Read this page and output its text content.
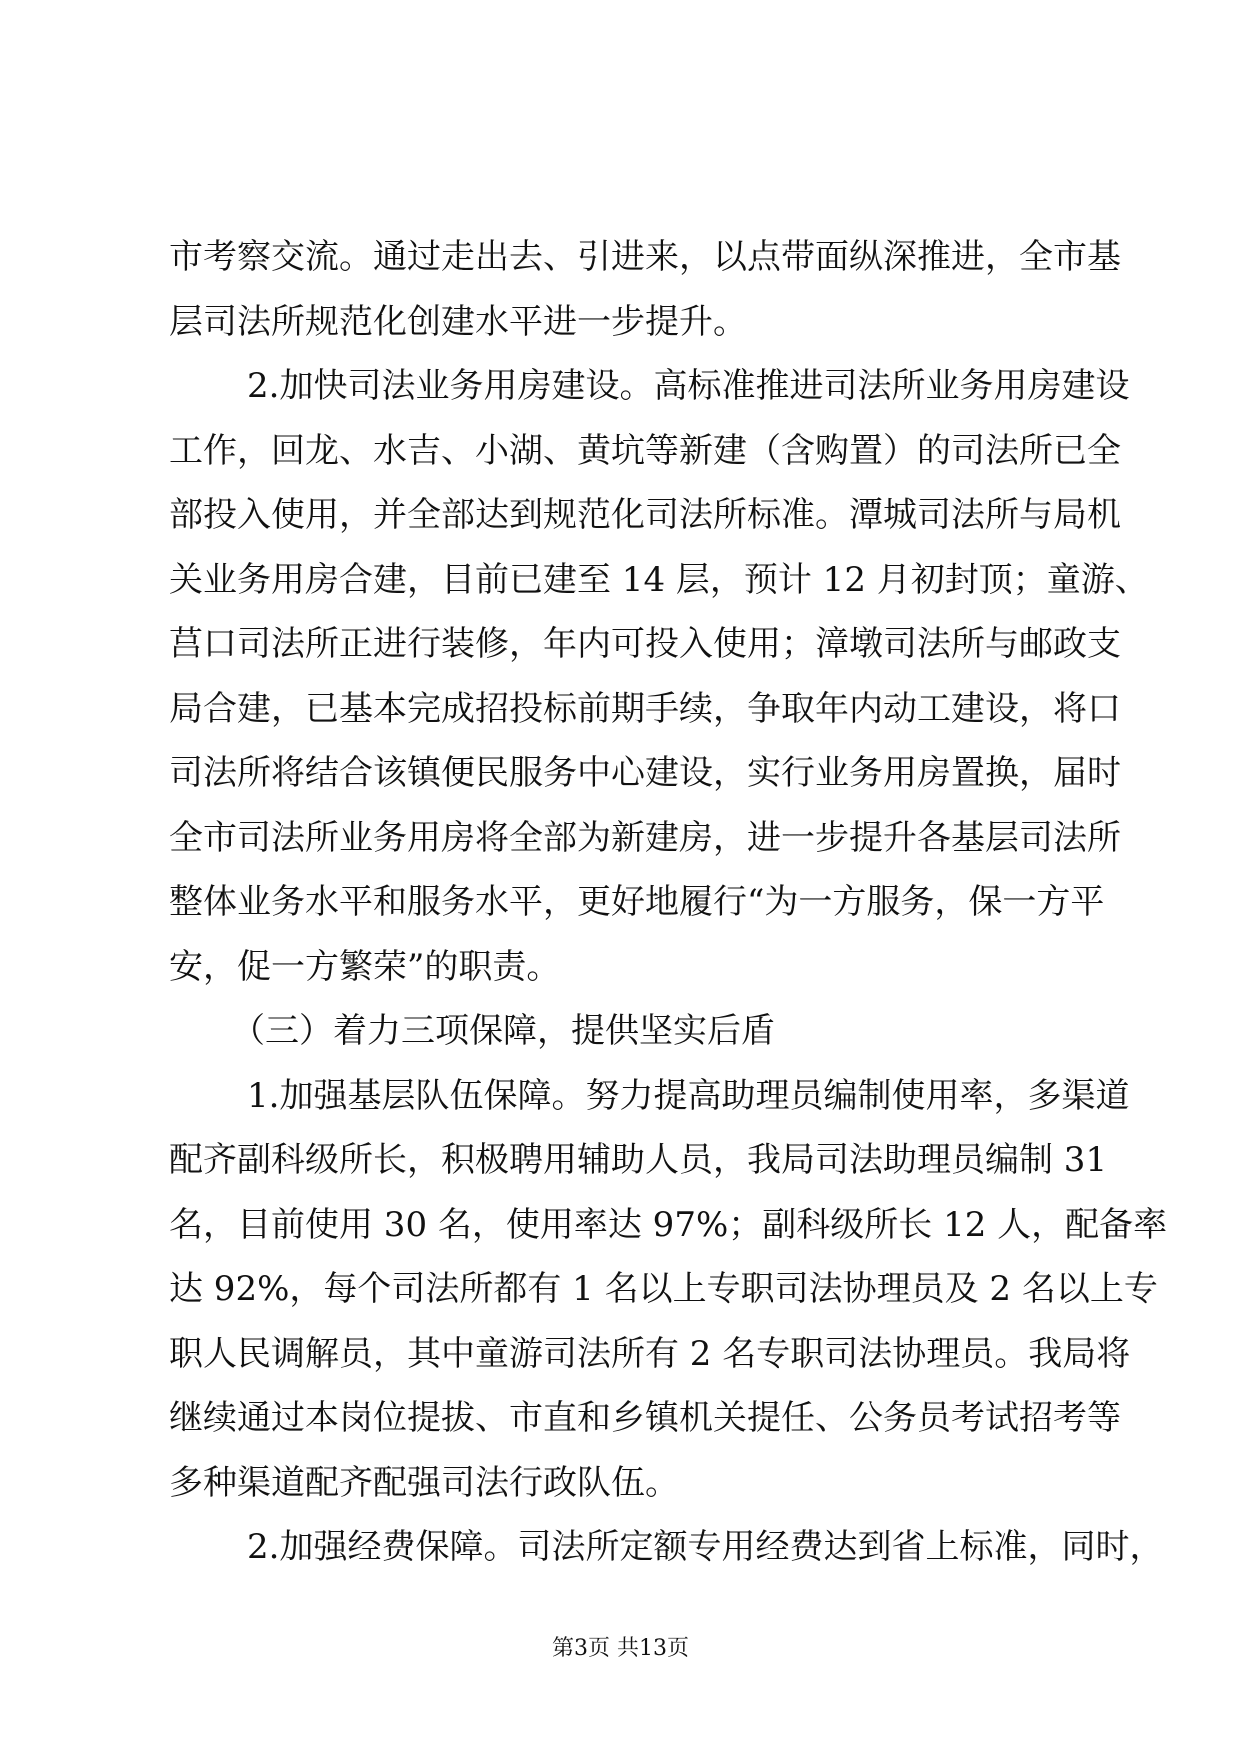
市考察交流。通过走出去、引进来，以点带面纵深推进，全市基
层司法所规范化创建水平进一步提升。
2.加快司法业务用房建设。高标准推进司法所业务用房建设
工作，回龙、水吉、小湖、黄坑等新建（含购置）的司法所已全
部投入使用，并全部达到规范化司法所标准。潭城司法所与局机
关业务用房合建，目前已建至 14 层，预计 12 月初封顶；童游、
莒口司法所正进行装修，年内可投入使用；漳墩司法所与邮政支
局合建，已基本完成招投标前期手续，争取年内动工建设，将口
司法所将结合该镇便民服务中心建设，实行业务用房置换，届时
全市司法所业务用房将全部为新建房，进一步提升各基层司法所
整体业务水平和服务水平，更好地履行“为一方服务，保一方平
安，促一方繁荣”的职责。
（三）着力三项保障，提供坚实后盾
1.加强基层队伍保障。努力提高助理员编制使用率，多渠道
配齐副科级所长，积极聘用辅助人员，我局司法助理员编制 31
名，目前使用 30 名，使用率达 97%；副科级所长 12 人，配备率
达 92%，每个司法所都有 1 名以上专职司法协理员及 2 名以上专
职人民调解员，其中童游司法所有 2 名专职司法协理员。我局将
继续通过本岗位提拔、市直和乡镇机关提任、公务员考试招考等
多种渠道配齐配强司法行政队伍。
2.加强经费保障。司法所定额专用经费达到省上标准，同时，
第3页 共13页
